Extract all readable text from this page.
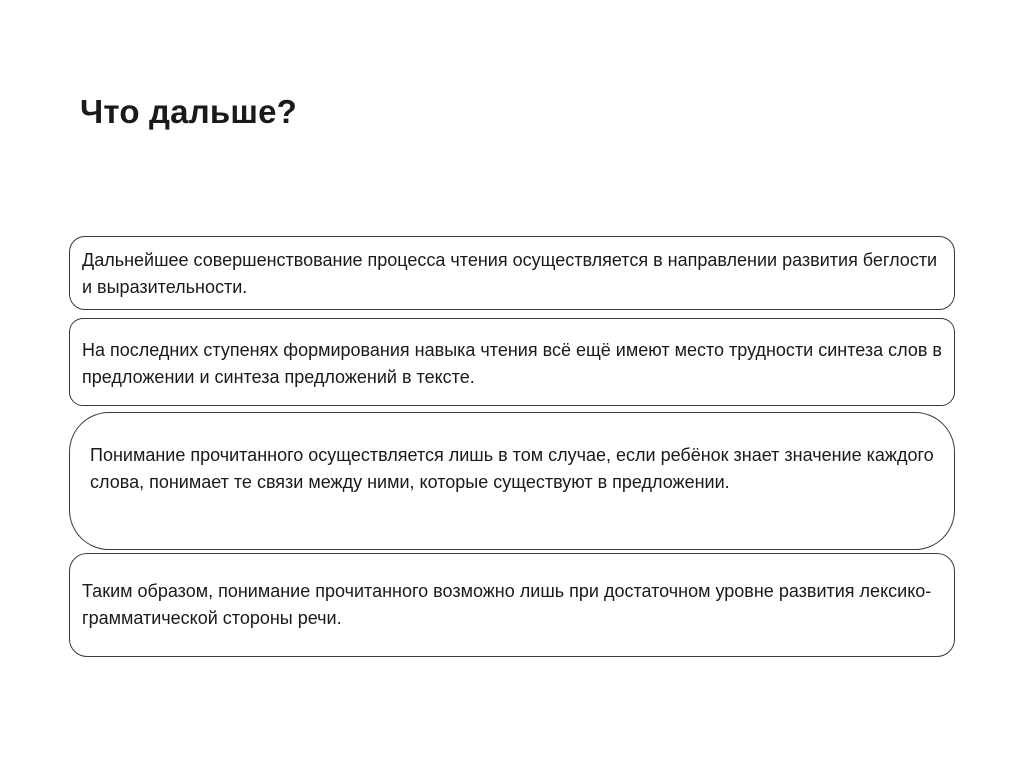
Что дальше?

Дальнейшее совершенствование процесса чтения осуществляется в направлении развития беглости и выразительности.

На последних ступенях формирования навыка чтения всё ещё имеют место трудности синтеза слов в предложении и синтеза предложений в тексте.

Понимание прочитанного осуществляется лишь в том случае, если ребёнок знает значение каждого слова, понимает те связи между ними, которые существуют в предложении.

Таким образом, понимание прочитанного возможно лишь при достаточном уровне развития лексико-грамматической стороны речи.
